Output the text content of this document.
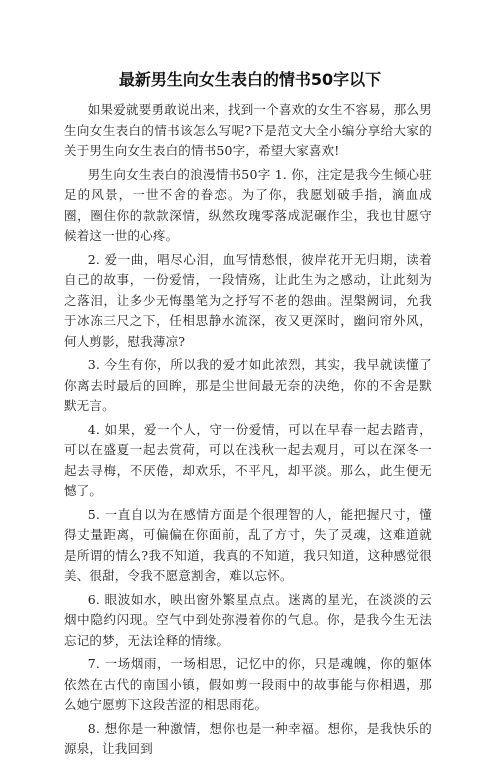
最新男生向女生表白的情书50字以下

如果爱就要勇敢说出来，找到一个喜欢的女生不容易，那么男生向女生表白的情书该怎么写呢?下是范文大全小编分享给大家的关于男生向女生表白的情书50字，希望大家喜欢!

男生向女生表白的浪漫情书50字 1. 你，注定是我今生倾心驻足的风景，一世不舍的眷恋。为了你，我愿划破手指，滴血成圈，圈住你的款款深情，纵然玫瑰零落成泥碾作尘，我也甘愿守候着这一世的心疼。

2. 爱一曲，唱尽心泪，血写情愁恨，彼岸花开无归期，读着自己的故事，一份爱情，一段情殇，让此生为之感动，让此刻为之落泪，让多少无悔墨笔为之抒写不老的怨曲。涅槃阙词，允我于冰冻三尺之下，任相思静水流深，夜又更深时，幽问帘外风，何人剪影，慰我薄凉?

3. 今生有你，所以我的爱才如此浓烈，其实，我早就读懂了你离去时最后的回眸，那是尘世间最无奈的决绝，你的不舍是默默无言。

4. 如果，爱一个人，守一份爱情，可以在早春一起去踏青，可以在盛夏一起去赏荷，可以在浅秋一起去观月，可以在深冬一起去寻梅，不厌倦，却欢乐，不平凡，却平淡。那么，此生便无憾了。

5. 一直自以为在感情方面是个很理智的人，能把握尺寸，懂得丈量距离，可偏偏在你面前，乱了方寸，失了灵魂，这难道就是所谓的情么?我不知道，我真的不知道，我只知道，这种感觉很美、很甜，令我不愿意割舍，难以忘怀。

6. 眼波如水，映出窗外繁星点点。迷离的星光，在淡淡的云烟中隐约闪现。空气中到处弥漫着你的气息。你，是我今生无法忘记的梦，无法诠释的情缘。

7. 一场烟雨，一场相思，记忆中的你，只是魂魄，你的躯体依然在古代的南国小镇，假如剪一段雨中的故事能与你相遇，那么她宁愿剪下这段苦涩的相思雨花。

8. 想你是一种激情，想你也是一种幸福。想你，是我快乐的源泉，让我回到
